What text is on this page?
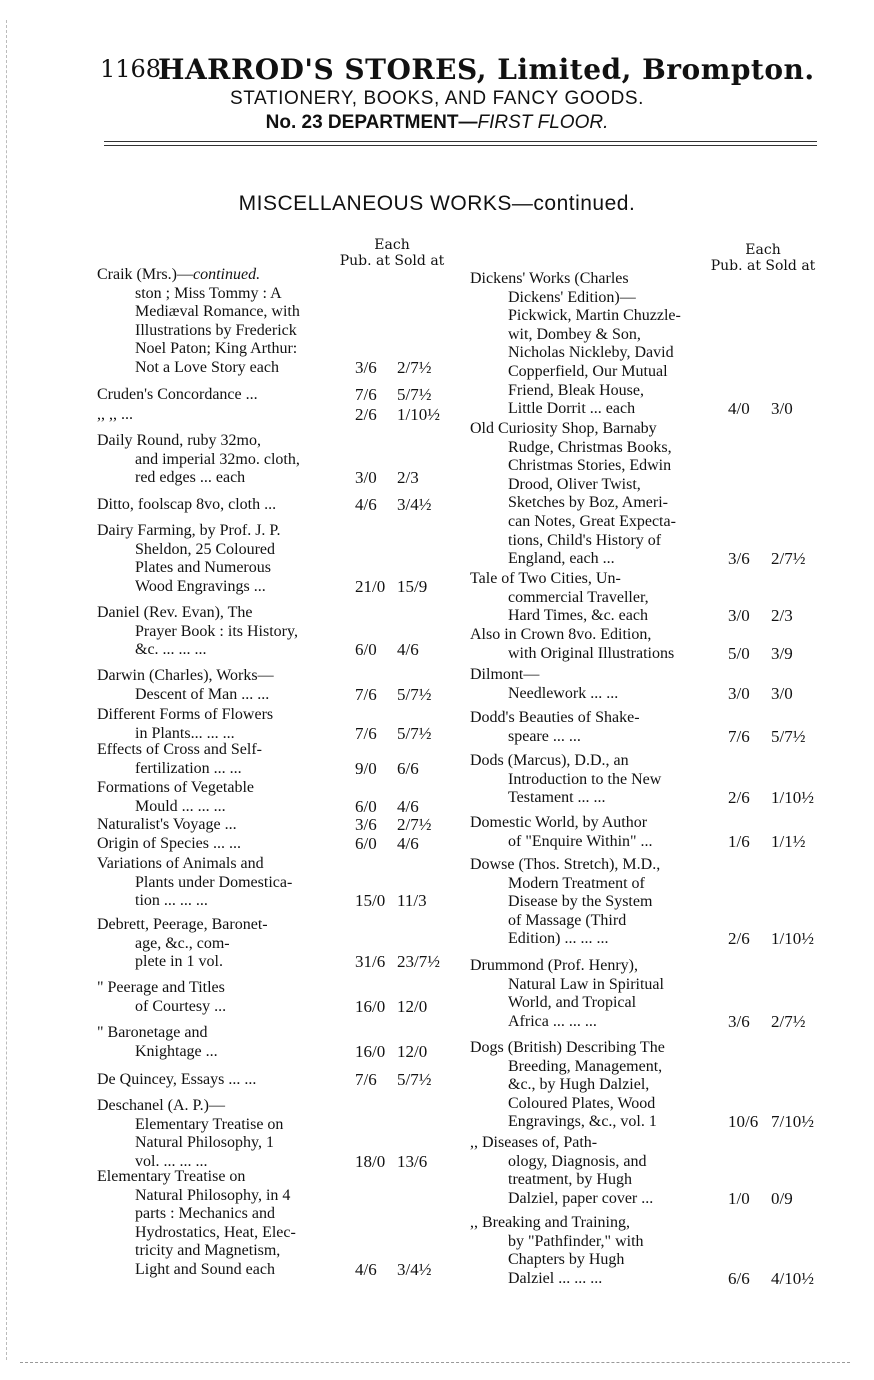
1168
HARROD'S STORES, Limited, Brompton.
STATIONERY, BOOKS, AND FANCY GOODS.
No. 23 DEPARTMENT—FIRST FLOOR.
MISCELLANEOUS WORKS—continued.
Each
Pub. at Sold at
Each
Pub. at Sold at
Craik (Mrs.)—continued.
ston ; Miss Tommy : A
Mediæval Romance, with
Illustrations by Frederick
Noel Paton; King Arthur:
Not a Love Story each	3/6 2/7½
Cruden's Concordance ...	7/6 5/7½
,, ,, ...	2/6 1/10½
Daily Round, ruby 32mo,
and imperial 32mo. cloth,
red edges ... each	3/0 2/3
Ditto, foolscap 8vo, cloth ...	4/6 3/4½
Dairy Farming, by Prof. J. P.
Sheldon, 25 Coloured
Plates and Numerous
Wood Engravings ...	21/0 15/9
Daniel (Rev. Evan), The
Prayer Book : its History,
&c. ... ... ...	6/0 4/6
Darwin (Charles), Works—
Descent of Man ... ...	7/6 5/7½
Different Forms of Flowers
in Plants... ... ...	7/6 5/7½
Effects of Cross and Self-
fertilization ... ...	9/0 6/6
Formations of Vegetable
Mould ... ... ...	6/0 4/6
Naturalist's Voyage ...	3/6 2/7½
Origin of Species ... ...	6/0 4/6
Variations of Animals and
Plants under Domestica-
tion ... ... ...	15/0 11/3
Debrett, Peerage, Baronet-
age, &c., com-
plete in 1 vol.	31/6 23/7½
" Peerage and Titles
of Courtesy ...	16/0 12/0
" Baronetage and
Knightage ...	16/0 12/0
De Quincey, Essays ... ...	7/6 5/7½
Deschanel (A. P.)—
Elementary Treatise on
Natural Philosophy, 1
vol. ... ... ...	18/0 13/6
Elementary Treatise on
Natural Philosophy, in 4
parts : Mechanics and
Hydrostatics, Heat, Elec-
tricity and Magnetism,
Light and Sound each	4/6 3/4½
Dickens' Works (Charles
Dickens' Edition)—
Pickwick, Martin Chuzzle-
wit, Dombey & Son,
Nicholas Nickleby, David
Copperfield, Our Mutual
Friend, Bleak House,
Little Dorrit ... each	4/0 3/0
Old Curiosity Shop, Barnaby
Rudge, Christmas Books,
Christmas Stories, Edwin
Drood, Oliver Twist,
Sketches by Boz, Ameri-
can Notes, Great Expecta-
tions, Child's History of
England, each ...	3/6 2/7½
Tale of Two Cities, Un-
commercial Traveller,
Hard Times, &c. each	3/0 2/3
Also in Crown 8vo. Edition,
with Original Illustrations	5/0 3/9
Dilmont—
Needlework ... ...	3/0 3/0
Dodd's Beauties of Shake-
speare ... ...	7/6 5/7½
Dods (Marcus), D.D., an
Introduction to the New
Testament ... ...	2/6 1/10½
Domestic World, by Author
of "Enquire Within" ...	1/6 1/1½
Dowse (Thos. Stretch), M.D.,
Modern Treatment of
Disease by the System
of Massage (Third
Edition) ... ... ...	2/6 1/10½
Drummond (Prof. Henry),
Natural Law in Spiritual
World, and Tropical
Africa ... ... ...	3/6 2/7½
Dogs (British) Describing The
Breeding, Management,
&c., by Hugh Dalziel,
Coloured Plates, Wood
Engravings, &c., vol. 1	10/6 7/10½
,, Diseases of, Path-
ology, Diagnosis, and
treatment, by Hugh
Dalziel, paper cover ...	1/0 0/9
,, Breaking and Training,
by "Pathfinder," with
Chapters by Hugh
Dalziel ... ... ...	6/6 4/10½
